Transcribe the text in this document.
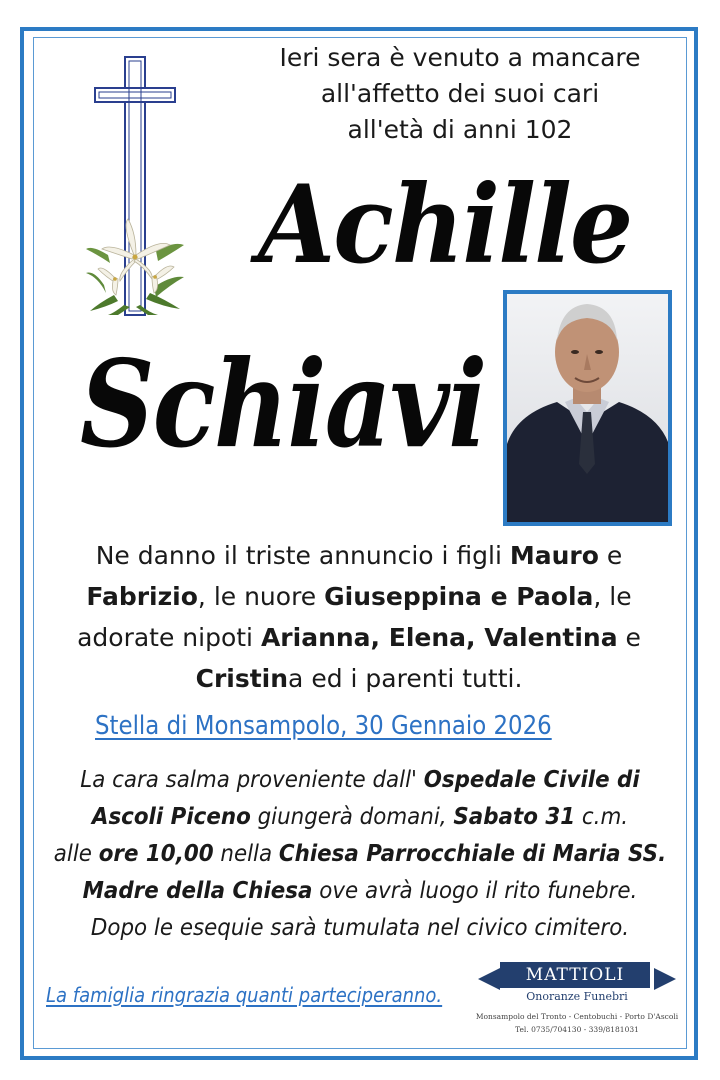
Ieri sera è venuto a mancare
all'affetto dei suoi cari
all'età di anni 102
Achille
Schiavi
Ne danno il triste annuncio i figli Mauro e
Fabrizio, le nuore Giuseppina e Paola, le
adorate nipoti Arianna, Elena, Valentina e
Cristina ed i parenti tutti.
Stella di Monsampolo, 30 Gennaio 2026
La cara salma proveniente dall' Ospedale Civile di
Ascoli Piceno giungerà domani, Sabato 31 c.m.
alle ore 10,00 nella Chiesa Parrocchiale di Maria SS.
Madre della Chiesa ove avrà luogo il rito funebre.
Dopo le esequie sarà tumulata nel civico cimitero.
La famiglia ringrazia quanti parteciperanno.
MATTIOLI
Onoranze Funebri
Monsampolo del Tronto - Centobuchi - Porto D'Ascoli
Tel. 0735/704130 - 339/8181031
